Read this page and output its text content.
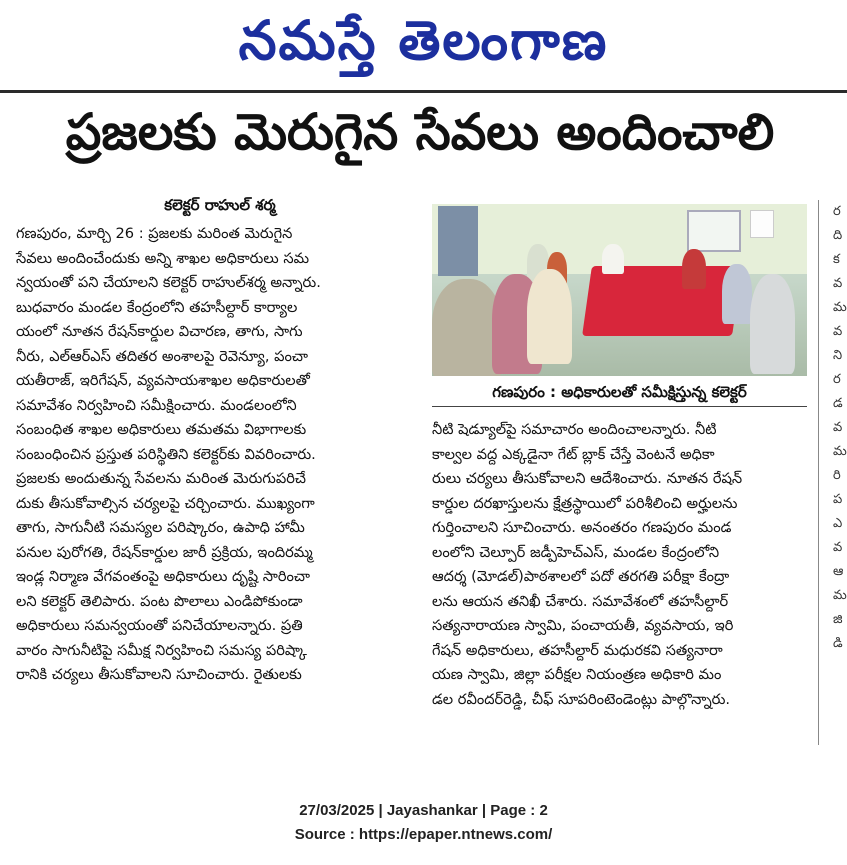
నమస్తే తెలంగాణ
ప్రజలకు మెరుగైన సేవలు అందించాలి
కలెక్టర్ రాహుల్ శర్మ

గణపురం, మార్చి 26 : ప్రజలకు మరింత మెరుగైన

సేవలు అందించేందుకు అన్ని శాఖల అధికారులు సమ

న్వయంతో పని చేయాలని కలెక్టర్ రాహుల్‌శర్మ అన్నారు.

బుధవారం మండల కేంద్రంలోని తహసీల్దార్ కార్యాల

యంలో నూతన రేషన్‌కార్డుల విచారణ, తాగు, సాగు

నీరు, ఎల్‌ఆర్‌ఎస్ తదితర అంశాలపై రెవెన్యూ, పంచా

యతీరాజ్, ఇరిగేషన్, వ్యవసాయశాఖల అధికారులతో

సమావేశం నిర్వహించి సమీక్షించారు. మండలంలోని

సంబంధిత శాఖల అధికారులు తమతమ విభాగాలకు

సంబంధించిన ప్రస్తుత పరిస్థితిని కలెక్టర్‌కు వివరించారు.

ప్రజలకు అందుతున్న సేవలను మరింత మెరుగుపరిచే

దుకు తీసుకోవాల్సిన చర్యలపై చర్చించారు. ముఖ్యంగా

తాగు, సాగునీటి సమస్యల పరిష్కారం, ఉపాధి హామీ

పనుల పురోగతి, రేషన్‌కార్డుల జారీ ప్రక్రియ, ఇందిరమ్మ

ఇండ్ల నిర్మాణ వేగవంతంపై అధికారులు దృష్టి సారించా

లని కలెక్టర్ తెలిపారు. పంట పొలాలు ఎండిపోకుండా

అధికారులు సమన్వయంతో పనిచేయాలన్నారు. ప్రతి

వారం సాగునీటిపై సమీక్ష నిర్వహించి సమస్య పరిష్కా

రానికి చర్యలు తీసుకోవాలని సూచించారు. రైతులకు

గణపురం : అధికారులతో సమీక్షిస్తున్న కలెక్టర్

నీటి షెడ్యూల్‌పై సమాచారం అందించాలన్నారు. నీటి

కాల్వల వద్ద ఎక్కడైనా గేట్ బ్లాక్ చేస్తే వెంటనే అధికా

రులు చర్యలు తీసుకోవాలని ఆదేశించారు. నూతన రేషన్

కార్డుల దరఖాస్తులను క్షేత్రస్థాయిలో పరిశీలించి అర్హులను

గుర్తించాలని సూచించారు. అనంతరం గణపురం మండ

లంలోని చెల్పూర్ జడ్పీహెచ్‌ఎస్, మండల కేంద్రంలోని

ఆదర్శ (మోడల్)పాఠశాలలో పదో తరగతి పరీక్షా కేంద్రా

లను ఆయన తనిఖీ చేశారు. సమావేశంలో తహసీల్దార్

సత్యనారాయణ స్వామి, పంచాయతీ, వ్యవసాయ, ఇరి

గేషన్ అధికారులు, తహసీల్దార్ మధురకవి సత్యనారా

యణ స్వామి, జిల్లా పరీక్షల నియంత్రణ అధికారి మం

డల రవీందర్‌రెడ్డి, చీఫ్ సూపరింటెండెంట్లు పాల్గొన్నారు.

ర
ది
క
వ
మ
వ
ని
ర
డ
వ
మ
రి
ప
ఎ
వ
ఆ
మ
జి
డి
27/03/2025 | Jayashankar | Page : 2
Source : https://epaper.ntnews.com/
